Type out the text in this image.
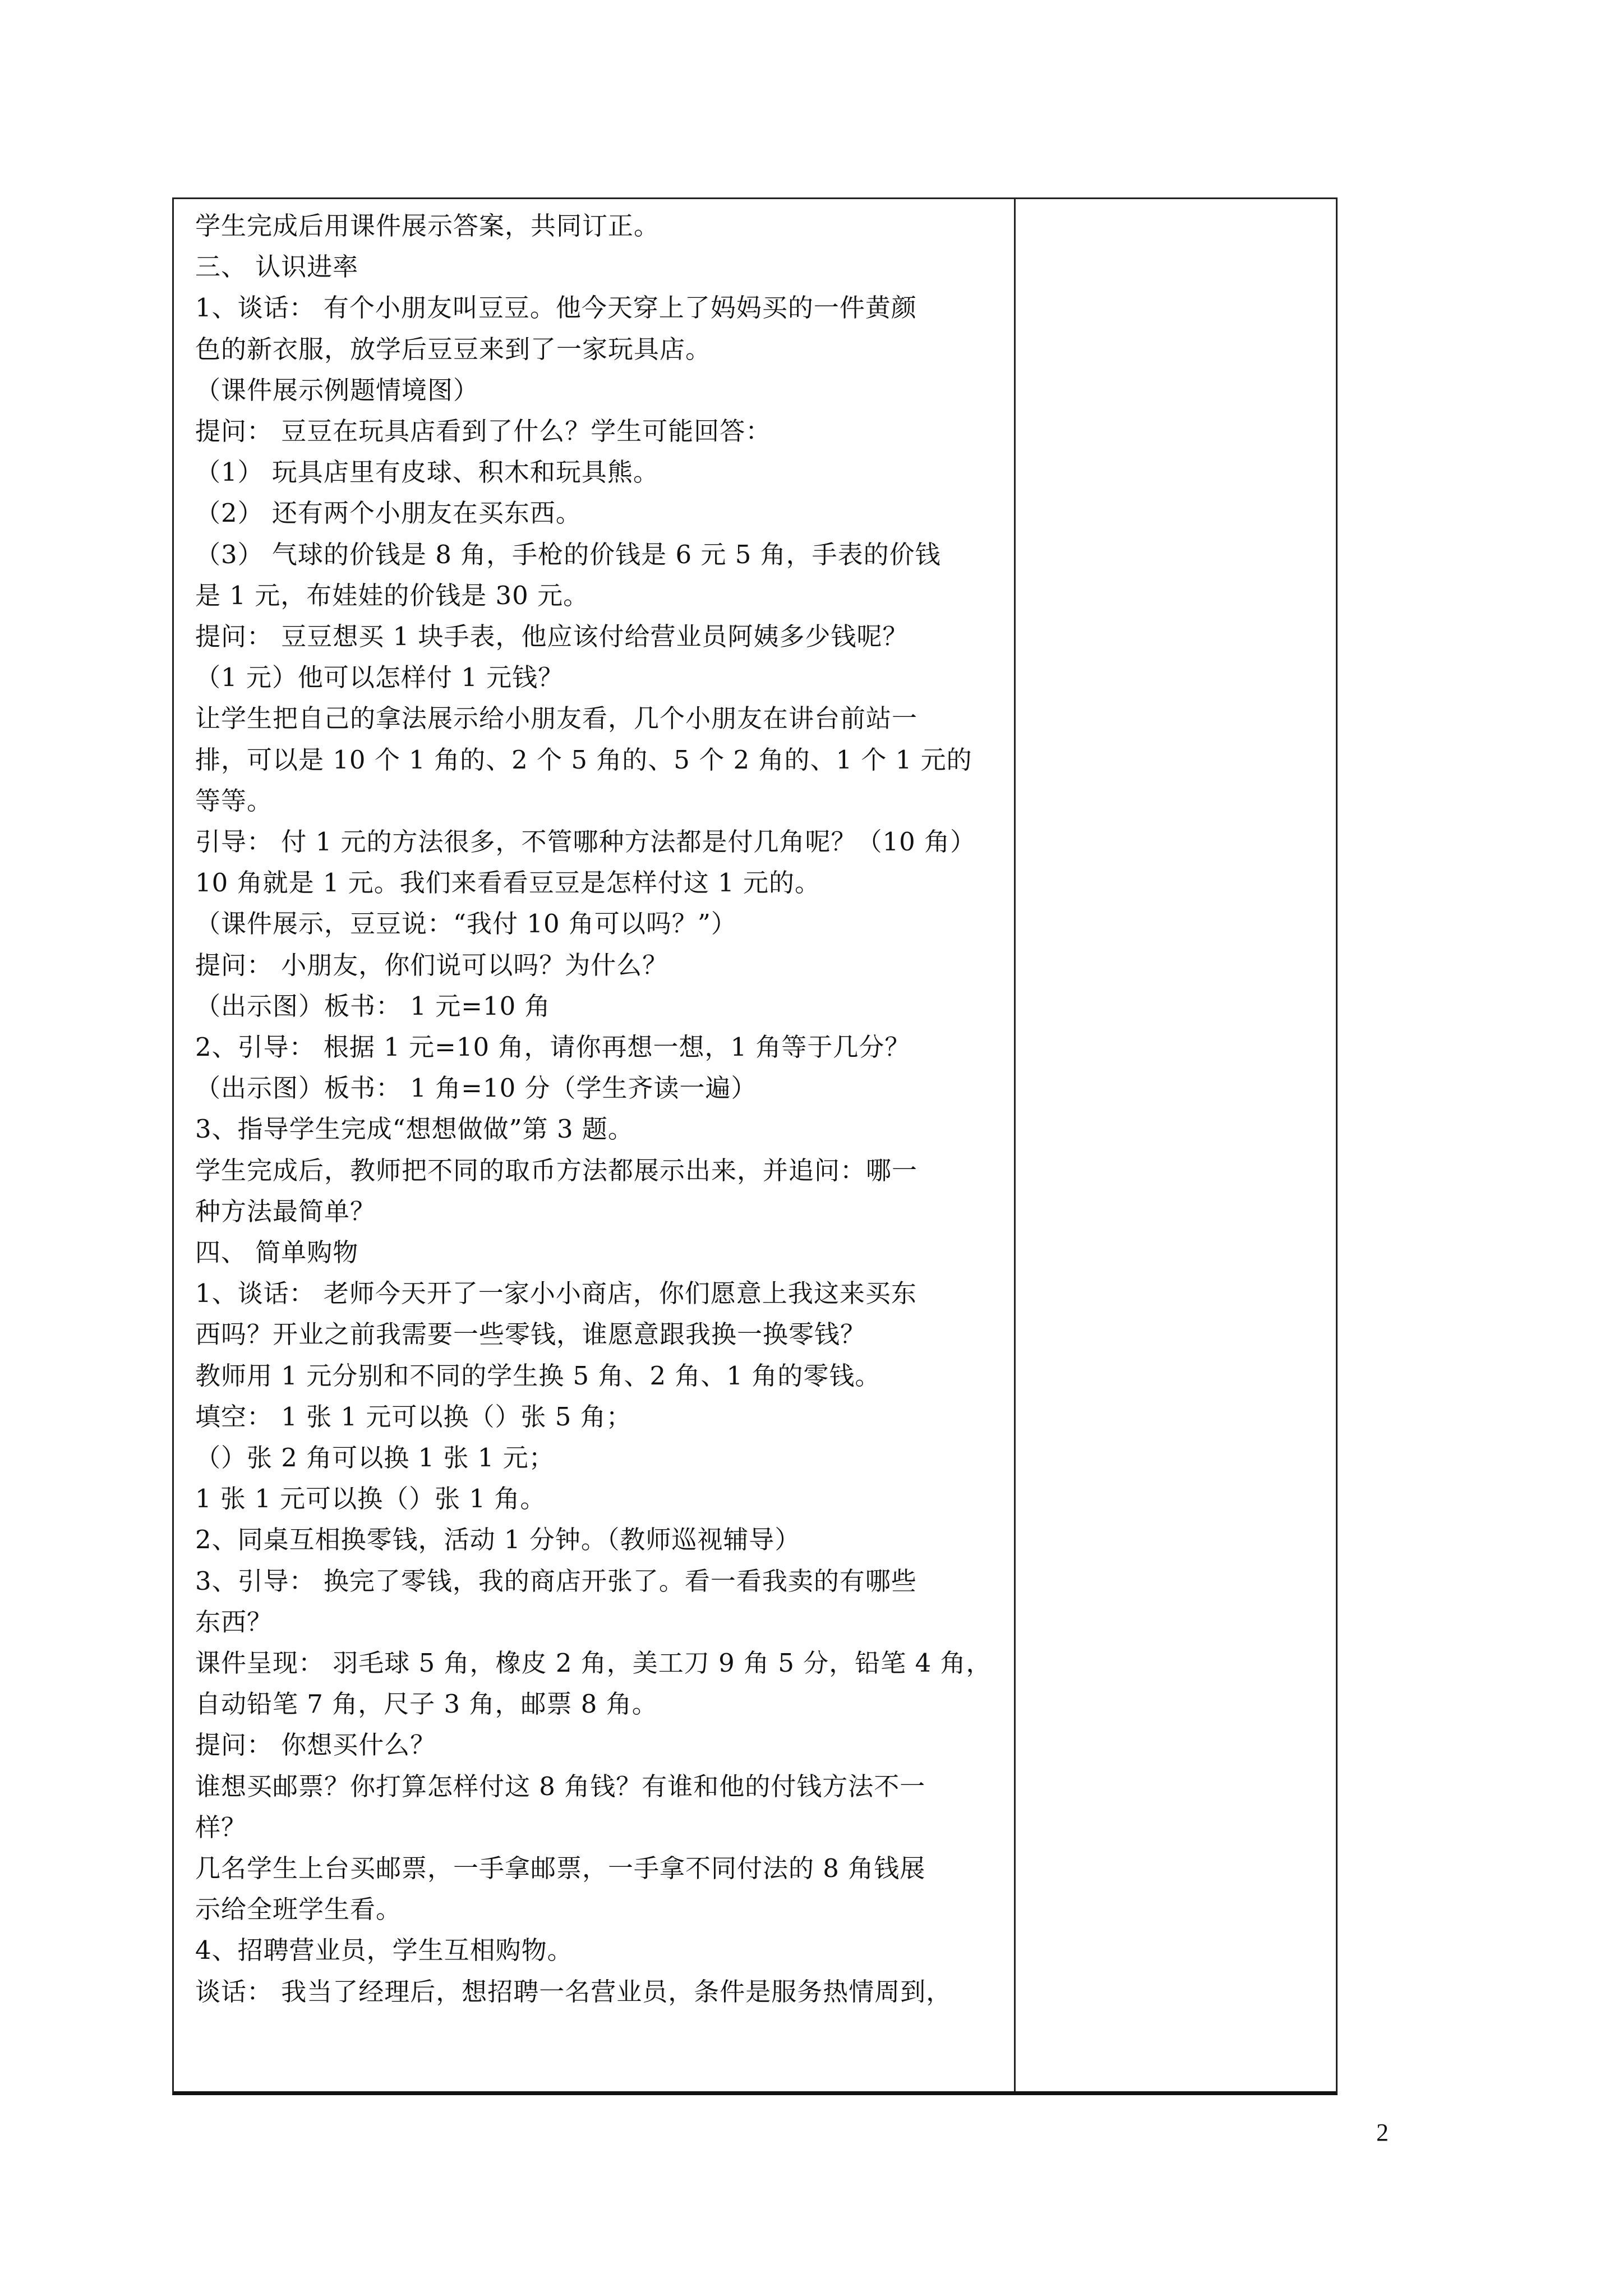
学生完成后用课件展示答案，共同订正。
三、 认识进率
1、谈话： 有个小朋友叫豆豆。他今天穿上了妈妈买的一件黄颜
色的新衣服，放学后豆豆来到了一家玩具店。
（课件展示例题情境图）
提问： 豆豆在玩具店看到了什么？学生可能回答：
（1） 玩具店里有皮球、积木和玩具熊。
（2） 还有两个小朋友在买东西。
（3） 气球的价钱是 8 角，手枪的价钱是 6 元 5 角，手表的价钱
是 1 元，布娃娃的价钱是 30 元。
提问： 豆豆想买 1 块手表，他应该付给营业员阿姨多少钱呢？
（1 元）他可以怎样付 1 元钱？
让学生把自己的拿法展示给小朋友看，几个小朋友在讲台前站一
排，可以是 10 个 1 角的、2 个 5 角的、5 个 2 角的、1 个 1 元的
等等。
引导： 付 1 元的方法很多，不管哪种方法都是付几角呢？（10 角）
10 角就是 1 元。我们来看看豆豆是怎样付这 1 元的。
（课件展示，豆豆说：“我付 10 角可以吗？”）
提问： 小朋友，你们说可以吗？为什么？
（出示图）板书： 1 元=10 角
2、引导： 根据 1 元=10 角，请你再想一想，1 角等于几分？
（出示图）板书： 1 角=10 分（学生齐读一遍）
3、指导学生完成“想想做做”第 3 题。
学生完成后，教师把不同的取币方法都展示出来，并追问：哪一
种方法最简单？
四、 简单购物
1、谈话： 老师今天开了一家小小商店，你们愿意上我这来买东
西吗？开业之前我需要一些零钱，谁愿意跟我换一换零钱？
教师用 1 元分别和不同的学生换 5 角、2 角、1 角的零钱。
填空： 1 张 1 元可以换（）张 5 角；
（）张 2 角可以换 1 张 1 元；
1 张 1 元可以换（）张 1 角。
2、同桌互相换零钱，活动 1 分钟。（教师巡视辅导）
3、引导： 换完了零钱，我的商店开张了。看一看我卖的有哪些
东西？
课件呈现： 羽毛球 5 角，橡皮 2 角，美工刀 9 角 5 分，铅笔 4 角，
自动铅笔 7 角，尺子 3 角，邮票 8 角。
提问： 你想买什么？
谁想买邮票？你打算怎样付这 8 角钱？有谁和他的付钱方法不一
样？
几名学生上台买邮票，一手拿邮票，一手拿不同付法的 8 角钱展
示给全班学生看。
4、招聘营业员，学生互相购物。
谈话： 我当了经理后，想招聘一名营业员，条件是服务热情周到，
2
